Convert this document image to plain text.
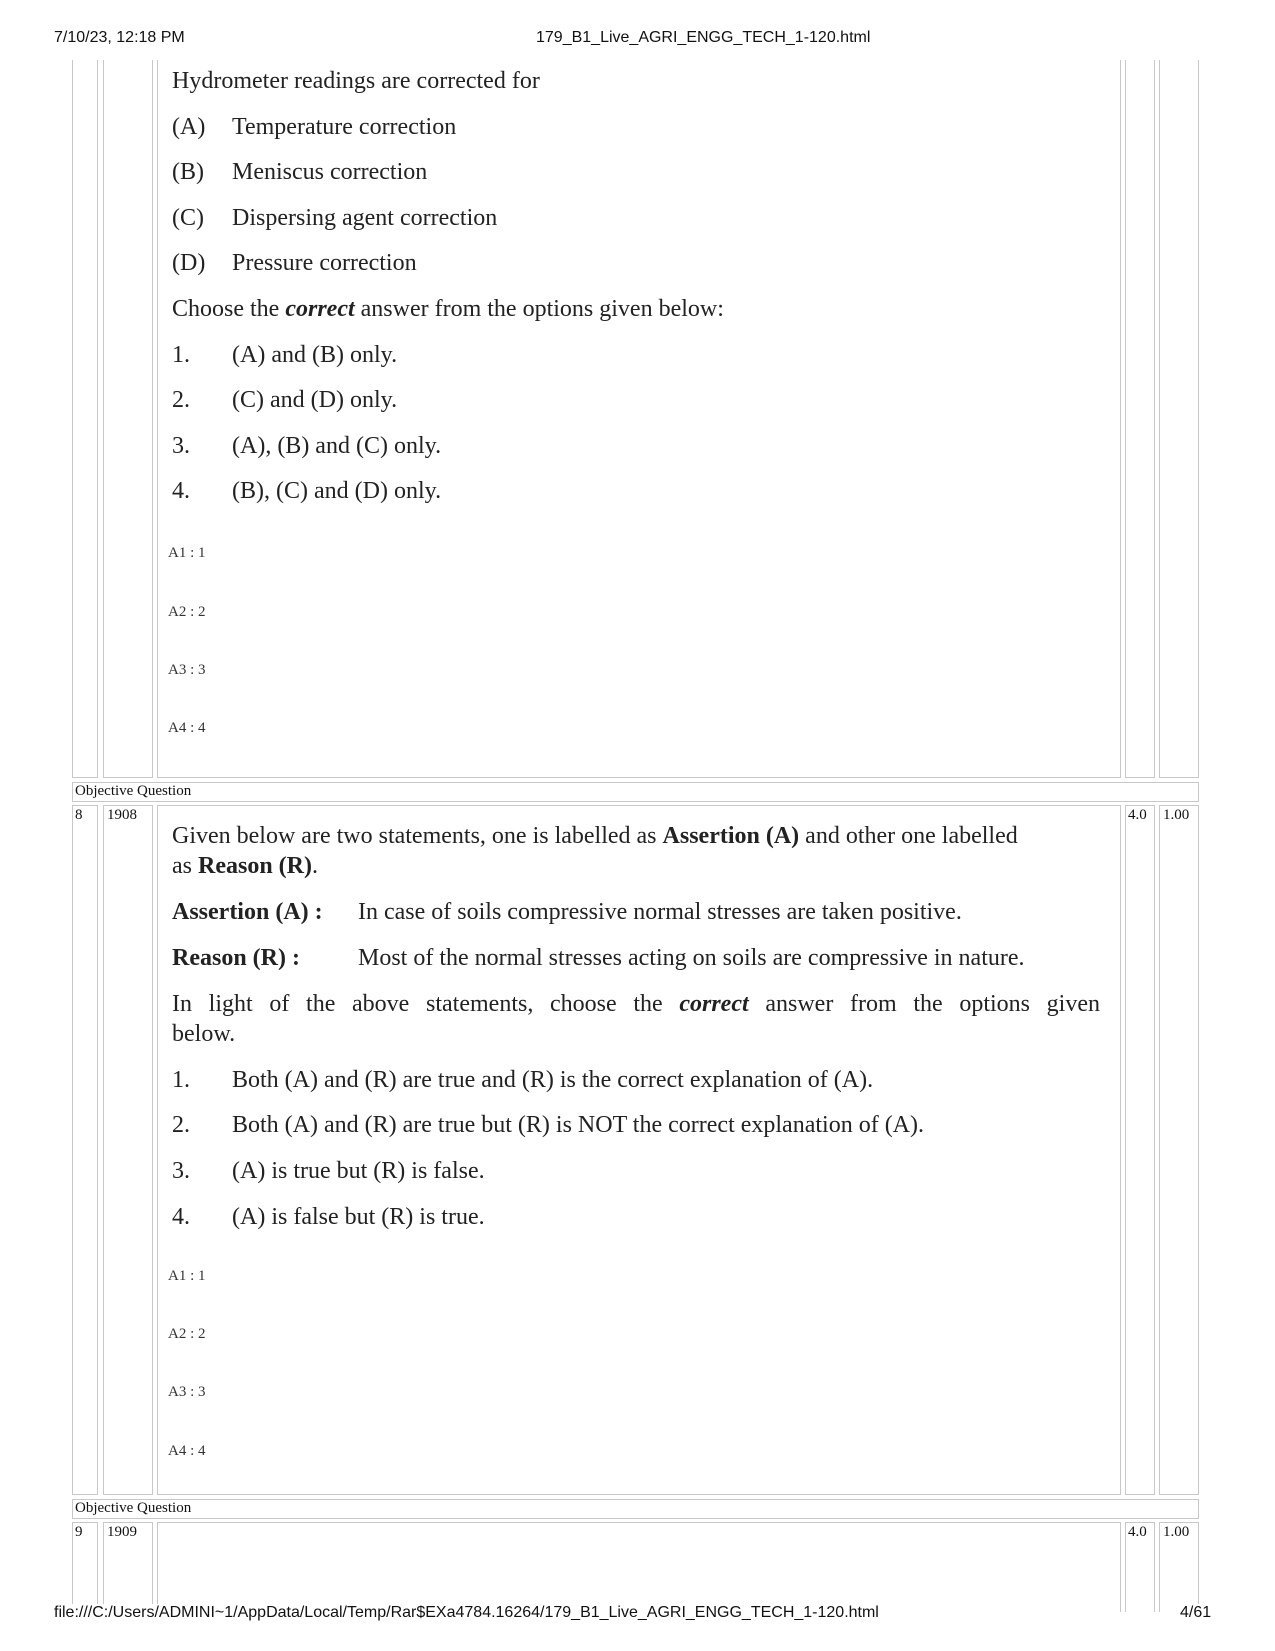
7/10/23, 12:18 PM	179_B1_Live_AGRI_ENGG_TECH_1-120.html
Hydrometer readings are corrected for
(A) Temperature correction
(B) Meniscus correction
(C) Dispersing agent correction
(D) Pressure correction
Choose the correct answer from the options given below:
1. (A) and (B) only.
2. (C) and (D) only.
3. (A), (B) and (C) only.
4. (B), (C) and (D) only.
A1 : 1
A2 : 2
A3 : 3
A4 : 4
Objective Question
8 1908	4.0 1.00
Given below are two statements, one is labelled as Assertion (A) and other one labelled
as Reason (R).
Assertion (A) : In case of soils compressive normal stresses are taken positive.
Reason (R) : Most of the normal stresses acting on soils are compressive in nature.
In light of the above statements, choose the correct answer from the options given
below.
1. Both (A) and (R) are true and (R) is the correct explanation of (A).
2. Both (A) and (R) are true but (R) is NOT the correct explanation of (A).
3. (A) is true but (R) is false.
4. (A) is false but (R) is true.
A1 : 1
A2 : 2
A3 : 3
A4 : 4
Objective Question
9 1909	4.0 1.00
file:///C:/Users/ADMINI~1/AppData/Local/Temp/Rar$EXa4784.16264/179_B1_Live_AGRI_ENGG_TECH_1-120.html	4/61
